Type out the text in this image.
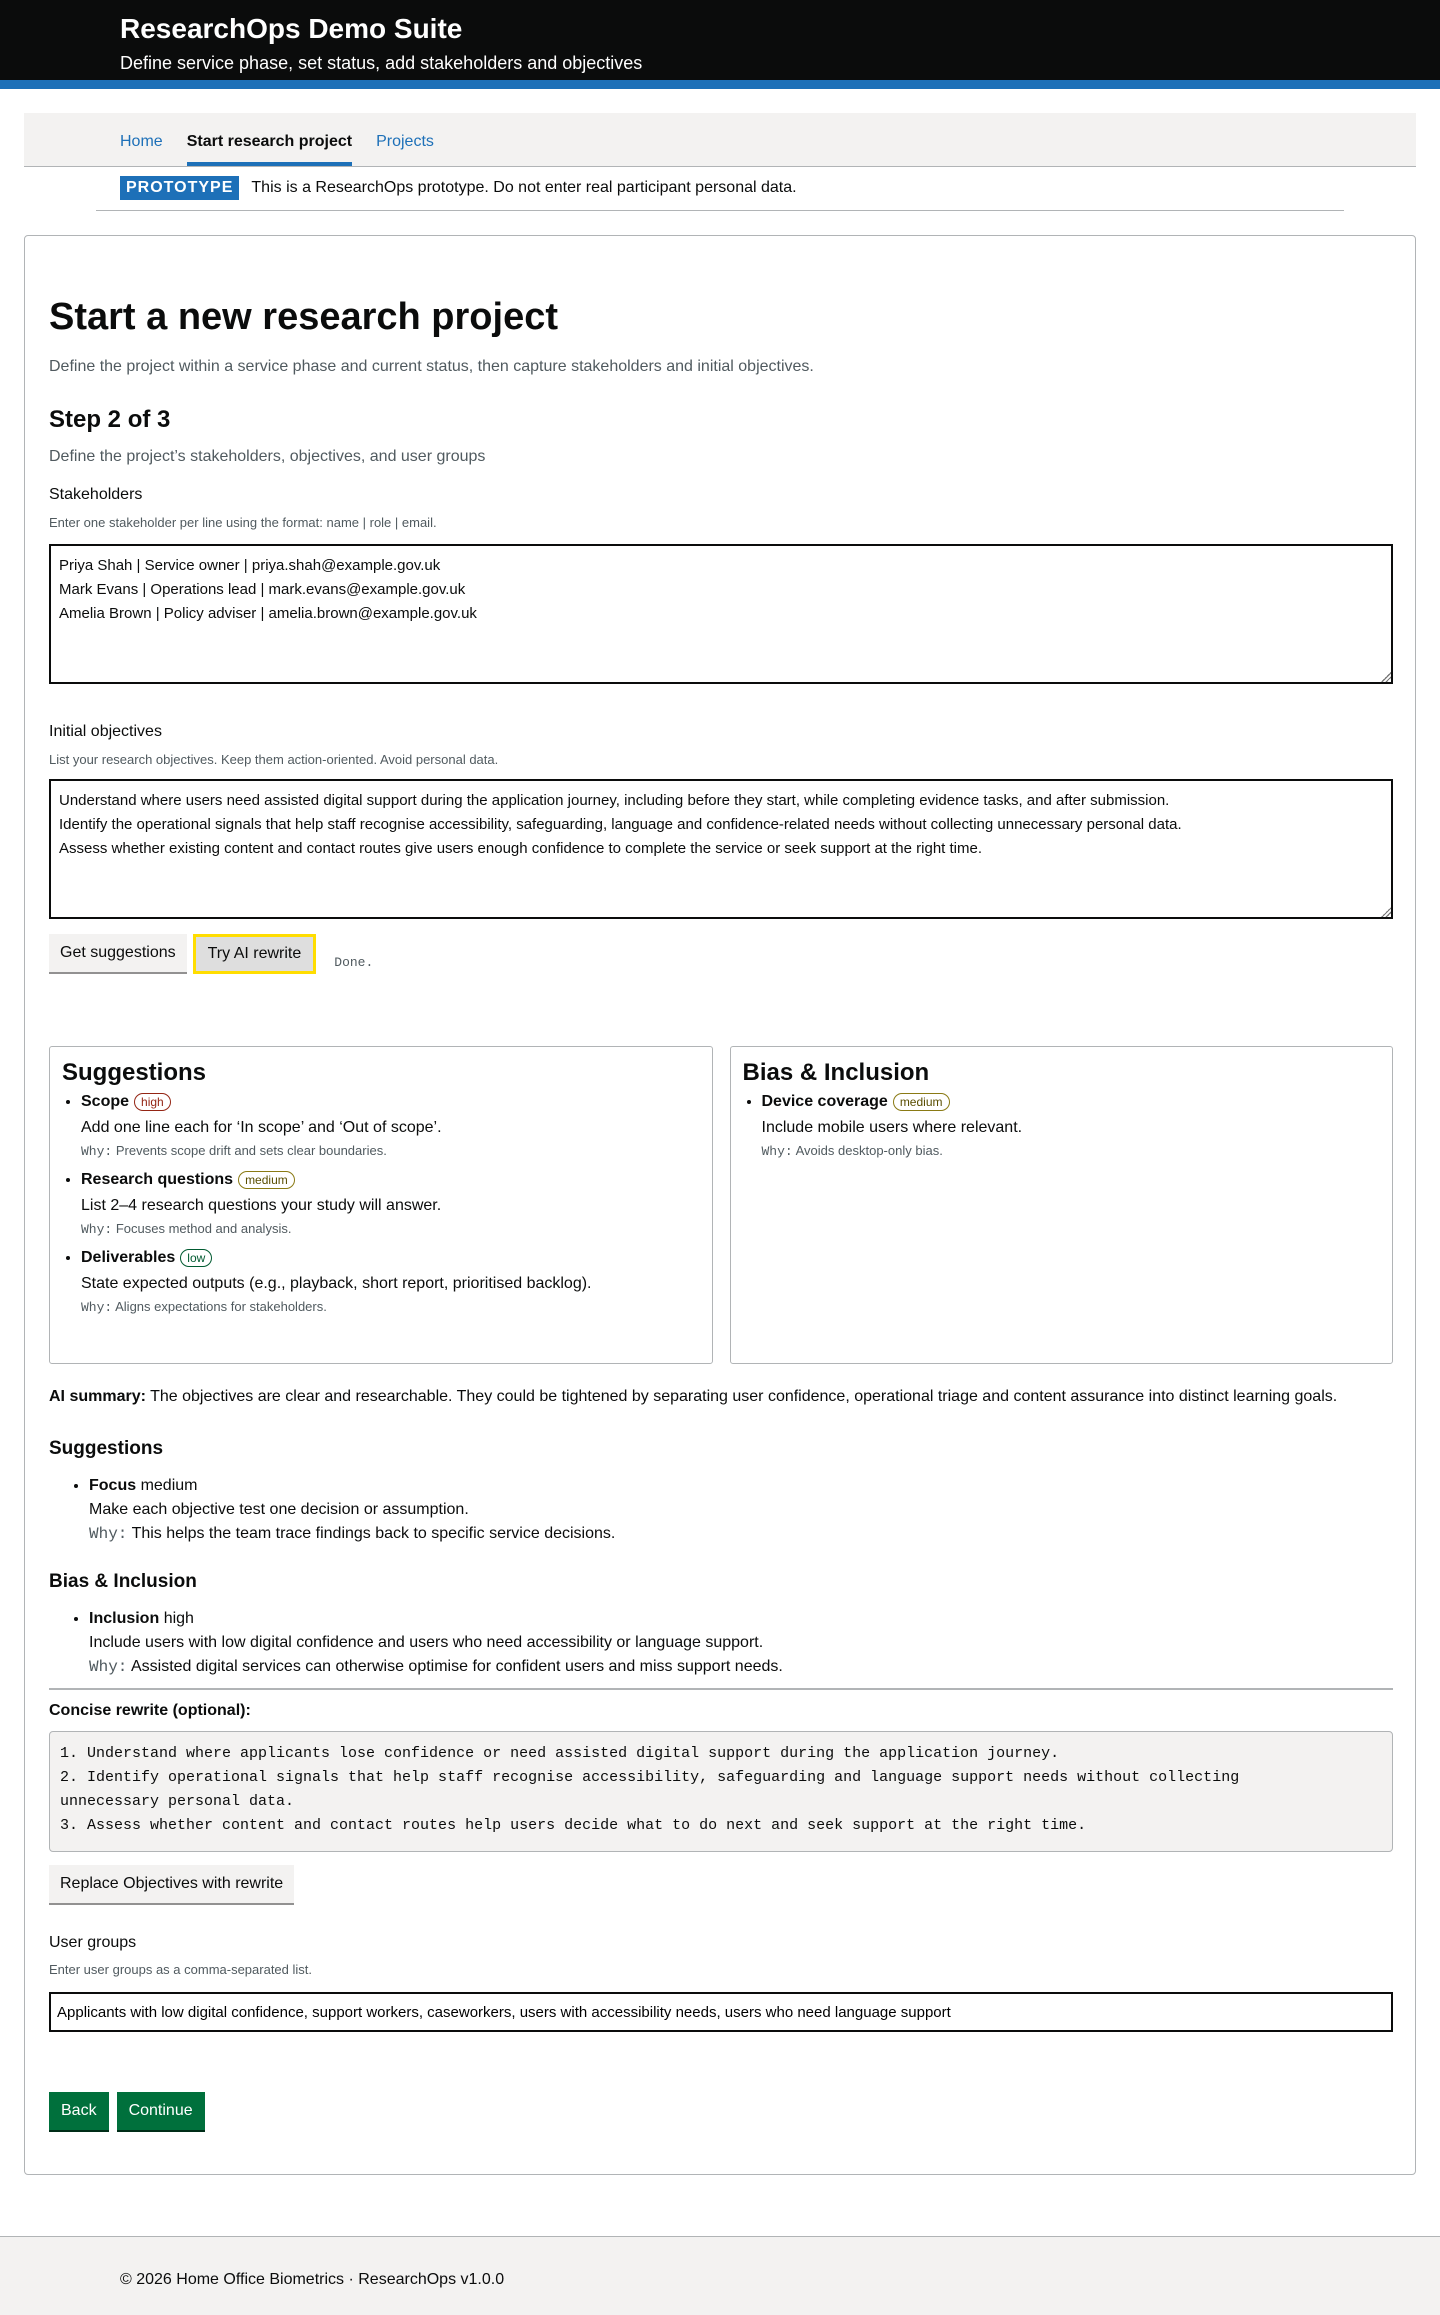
ResearchOps Demo Suite
Define service phase, set status, add stakeholders and objectives
Home Start research project Projects
PROTOTYPE	This is a ResearchOps prototype. Do not enter real participant personal data.
Start a new research project

Define the project within a service phase and current status, then capture stakeholders and initial objectives.

Step 2 of 3

Define the project’s stakeholders, objectives, and user groups

Stakeholders
Enter one stakeholder per line using the format: name | role | email.
Priya Shah | Service owner | priya.shah@example.gov.uk
Mark Evans | Operations lead | mark.evans@example.gov.uk
Amelia Brown | Policy adviser | amelia.brown@example.gov.uk
Initial objectives
List your research objectives. Keep them action-oriented. Avoid personal data.
Understand where users need assisted digital support during the application journey, including before they start, while completing evidence tasks, and after submission.
Identify the operational signals that help staff recognise accessibility, safeguarding, language and confidence-related needs without collecting unnecessary personal data.
Assess whether existing content and contact routes give users enough confidence to complete the service or seek support at the right time.
Get suggestions	Try AI rewrite	Done.
Suggestions
• Scope high
Add one line each for ‘In scope’ and ‘Out of scope’.
Why: Prevents scope drift and sets clear boundaries.
• Research questions medium
List 2–4 research questions your study will answer.
Why: Focuses method and analysis.
• Deliverables low
State expected outputs (e.g., playback, short report, prioritised backlog).
Why: Aligns expectations for stakeholders.
Bias & Inclusion
• Device coverage medium
Include mobile users where relevant.
Why: Avoids desktop-only bias.

AI summary: The objectives are clear and researchable. They could be tightened by separating user confidence, operational triage and content assurance into distinct learning goals.

Suggestions
• Focus medium
Make each objective test one decision or assumption.
Why: This helps the team trace findings back to specific service decisions.
Bias & Inclusion
• Inclusion high
Include users with low digital confidence and users who need accessibility or language support.
Why: Assisted digital services can otherwise optimise for confident users and miss support needs.

Concise rewrite (optional):

1. Understand where applicants lose confidence or need assisted digital support during the application journey.
2. Identify operational signals that help staff recognise accessibility, safeguarding and language support needs without collecting
unnecessary personal data.
3. Assess whether content and contact routes help users decide what to do next and seek support at the right time.
Replace Objectives with rewrite
User groups
Enter user groups as a comma-separated list.
Applicants with low digital confidence, support workers, caseworkers, users with accessibility needs, users who need language support
Back	Continue
© 2026 Home Office Biometrics · ResearchOps v1.0.0
